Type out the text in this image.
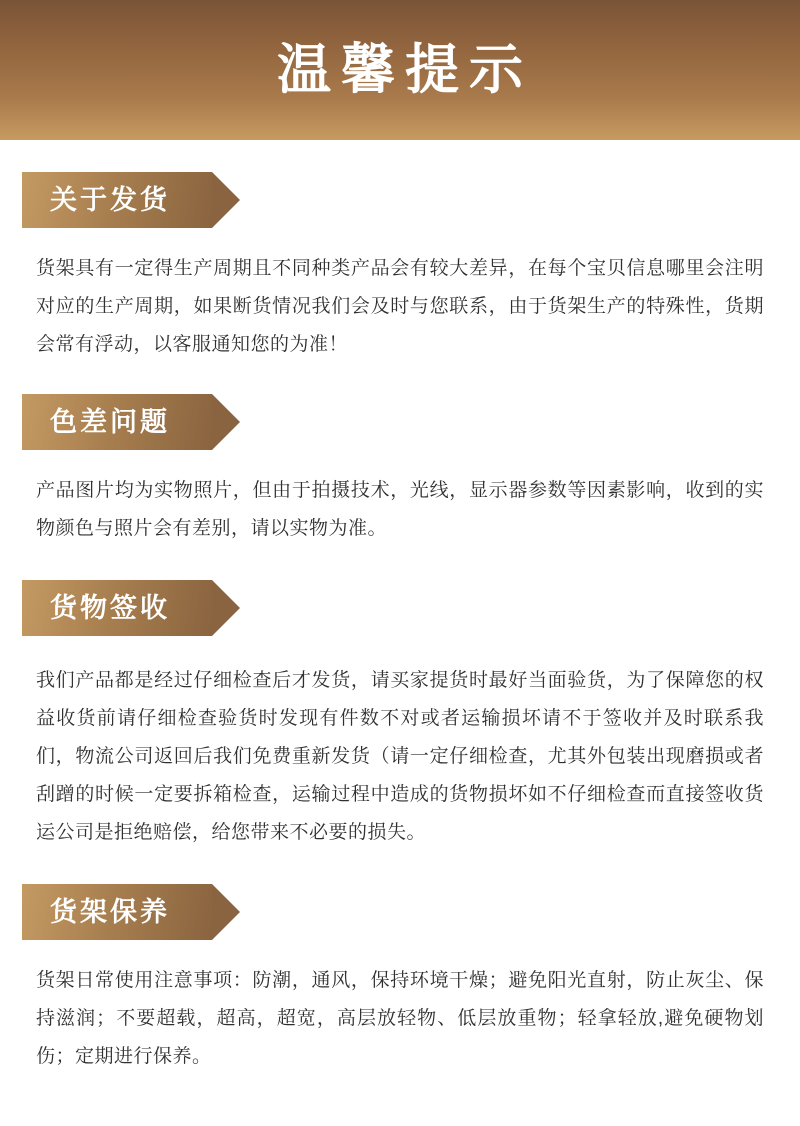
温馨提示
关于发货

货架具有一定得生产周期且不同种类产品会有较大差异，在每个宝贝信息哪里会注明对应的生产周期，如果断货情况我们会及时与您联系，由于货架生产的特殊性，货期会常有浮动，以客服通知您的为准！

色差问题

产品图片均为实物照片，但由于拍摄技术，光线，显示器参数等因素影响，收到的实物颜色与照片会有差别，请以实物为准。

货物签收

我们产品都是经过仔细检查后才发货，请买家提货时最好当面验货，为了保障您的权益收货前请仔细检查验货时发现有件数不对或者运输损坏请不于签收并及时联系我们，物流公司返回后我们免费重新发货（请一定仔细检查，尤其外包装出现磨损或者刮蹭的时候一定要拆箱检查，运输过程中造成的货物损坏如不仔细检查而直接签收货运公司是拒绝赔偿，给您带来不必要的损失。

货架保养

货架日常使用注意事项：防潮，通风，保持环境干燥；避免阳光直射，防止灰尘、保持滋润；不要超载，超高，超宽，高层放轻物、低层放重物；轻拿轻放,避免硬物划伤；定期进行保养。
